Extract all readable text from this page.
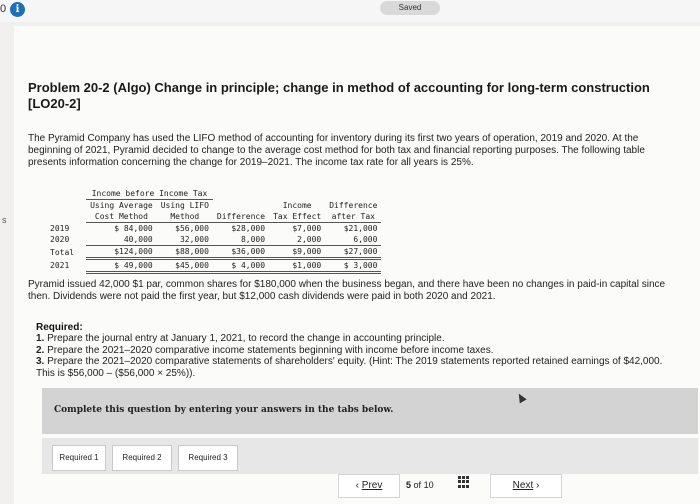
0 i	Saved
s
Problem 20-2 (Algo) Change in principle; change in method of accounting for long-term construction [LO20-2]
The Pyramid Company has used the LIFO method of accounting for inventory during its first two years of operation, 2019 and 2020. At the beginning of 2021, Pyramid decided to change to the average cost method for both tax and financial reporting purposes. The following table presents information concerning the change for 2019–2021. The income tax rate for all years is 25%.
	Income before Income Tax				
	Using Average	Using LIFO		Income	Difference
	Cost Method	Method	Difference	Tax Effect	after Tax
2019	$ 84,000	$56,000	$28,000	$7,000	$21,000
2020	40,000	32,000	8,000	2,000	6,000
Total	$124,000	$88,000	$36,000	$9,000	$27,000
2021	$ 49,000	$45,000	$ 4,000	$1,000	$ 3,000
Pyramid issued 42,000 $1 par, common shares for $180,000 when the business began, and there have been no changes in paid-in capital since then. Dividends were not paid the first year, but $12,000 cash dividends were paid in both 2020 and 2021.
Required:

1. Prepare the journal entry at January 1, 2021, to record the change in accounting principle.

2. Prepare the 2021–2020 comparative income statements beginning with income before income taxes.

3. Prepare the 2021–2020 comparative statements of shareholders' equity. (Hint: The 2019 statements reported retained earnings of $42,000. This is $56,000 – ($56,000 × 25%)).

Complete this question by entering your answers in the tabs below.
Required 1	Required 2	Required 3
‹ Prev	5 of 10	Next ›
